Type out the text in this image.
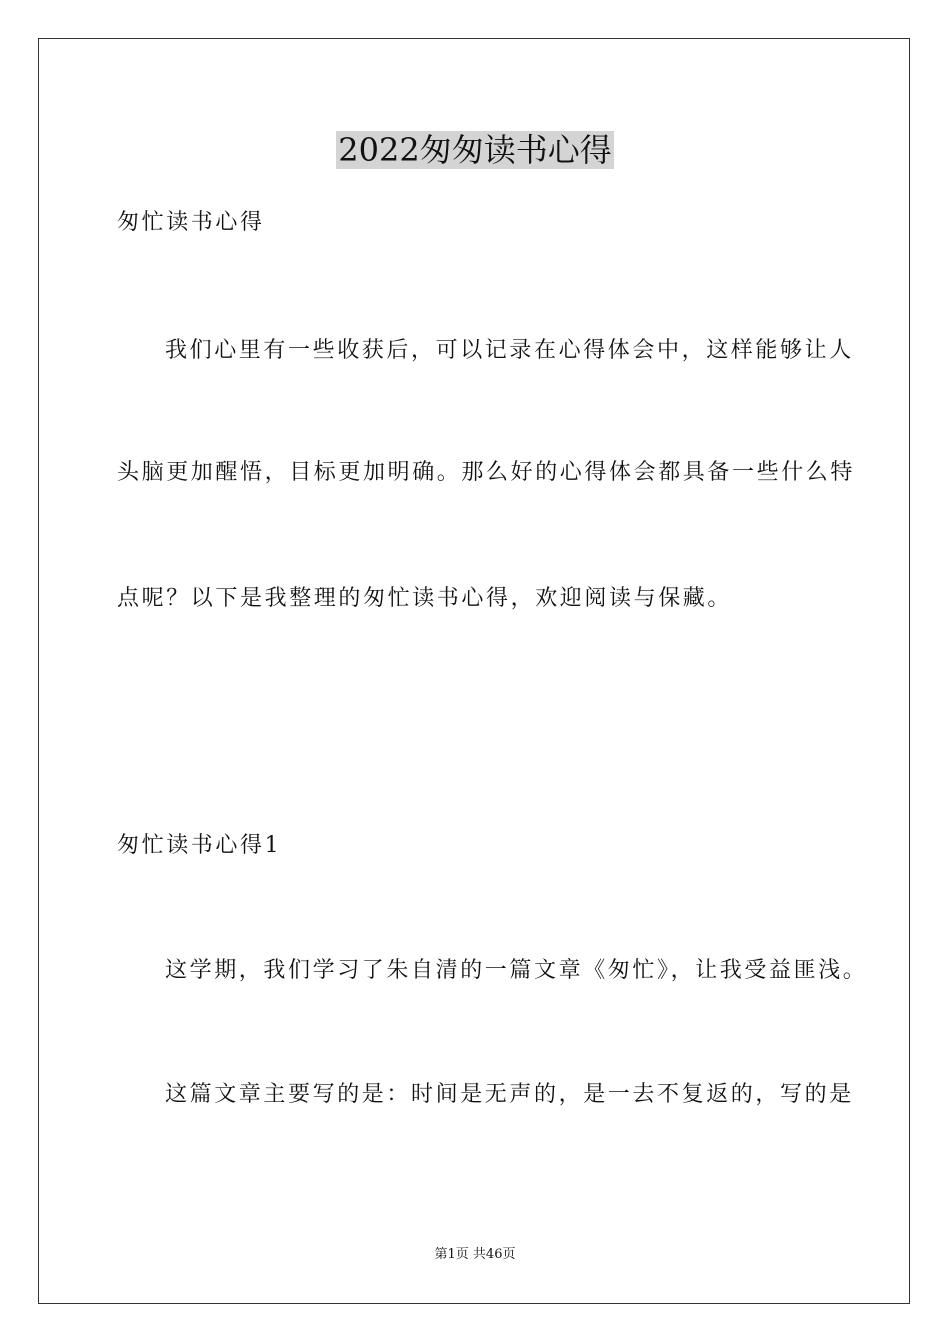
2022匆匆读书心得
匆忙读书心得
我们心里有一些收获后，可以记录在心得体会中，这样能够让人
头脑更加醒悟，目标更加明确。那么好的心得体会都具备一些什么特
点呢？以下是我整理的匆忙读书心得，欢迎阅读与保藏。
匆忙读书心得1
这学期，我们学习了朱自清的一篇文章《匆忙》，让我受益匪浅。
这篇文章主要写的是：时间是无声的，是一去不复返的，写的是
第1页 共46页
